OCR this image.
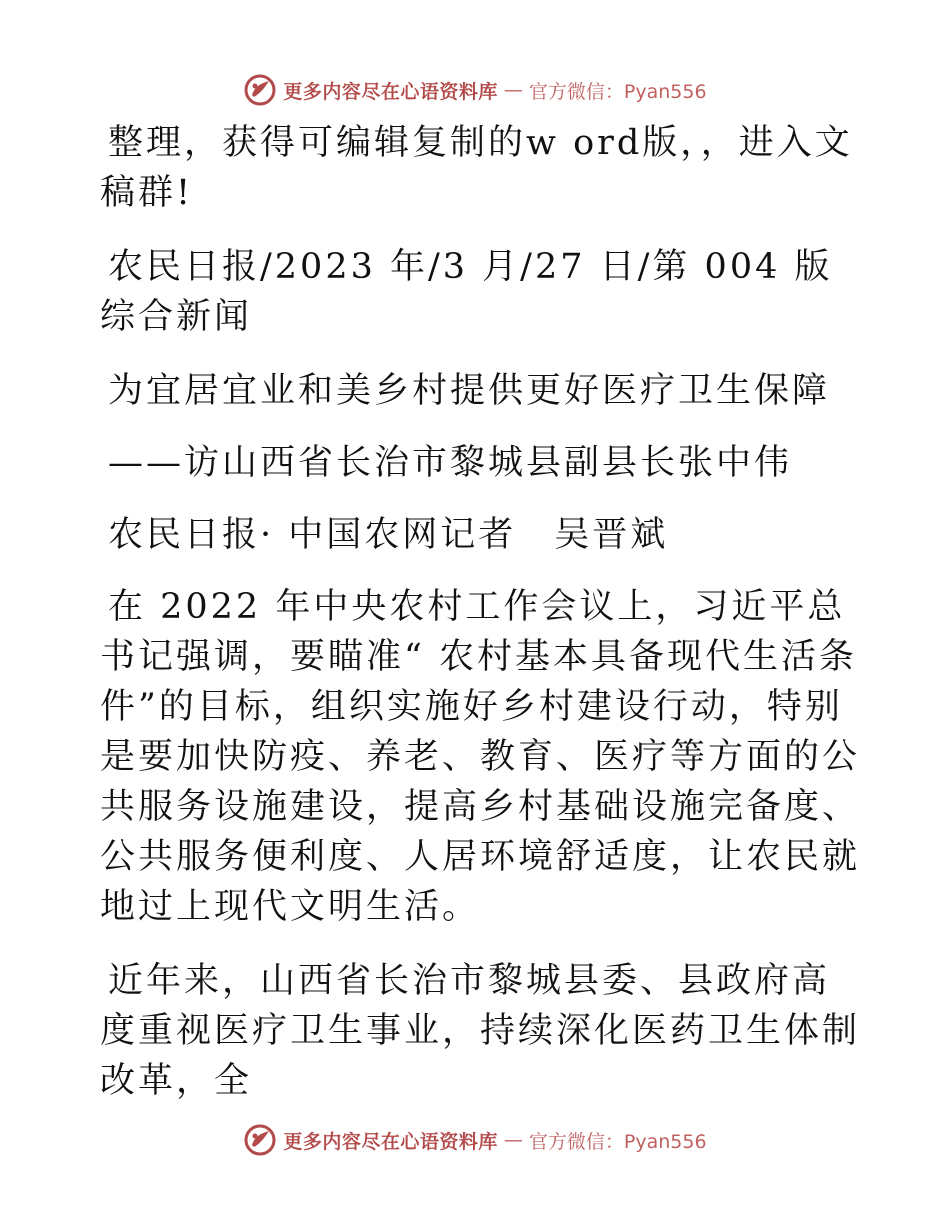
更多内容尽在心语资料库 — 官方微信：Pyan556

整理，获得可编辑复制的w ord版，，进入文稿群!

农民日报/2023 年/3 月/27 日/第 004 版综合新闻

为宜居宜业和美乡村提供更好医疗卫生保障

——访山西省长治市黎城县副县长张中伟

农民日报· 中国农网记者　吴晋斌

在 2022 年中央农村工作会议上，习近平总书记强调，要瞄准“ 农村基本具备现代生活条件”的目标，组织实施好乡村建设行动，特别是要加快防疫、养老、教育、医疗等方面的公共服务设施建设，提高乡村基础设施完备度、公共服务便利度、人居环境舒适度，让农民就地过上现代文明生活。

近年来，山西省长治市黎城县委、县政府高度重视医疗卫生事业，持续深化医药卫生体制改革，全

更多内容尽在心语资料库 — 官方微信：Pyan556
